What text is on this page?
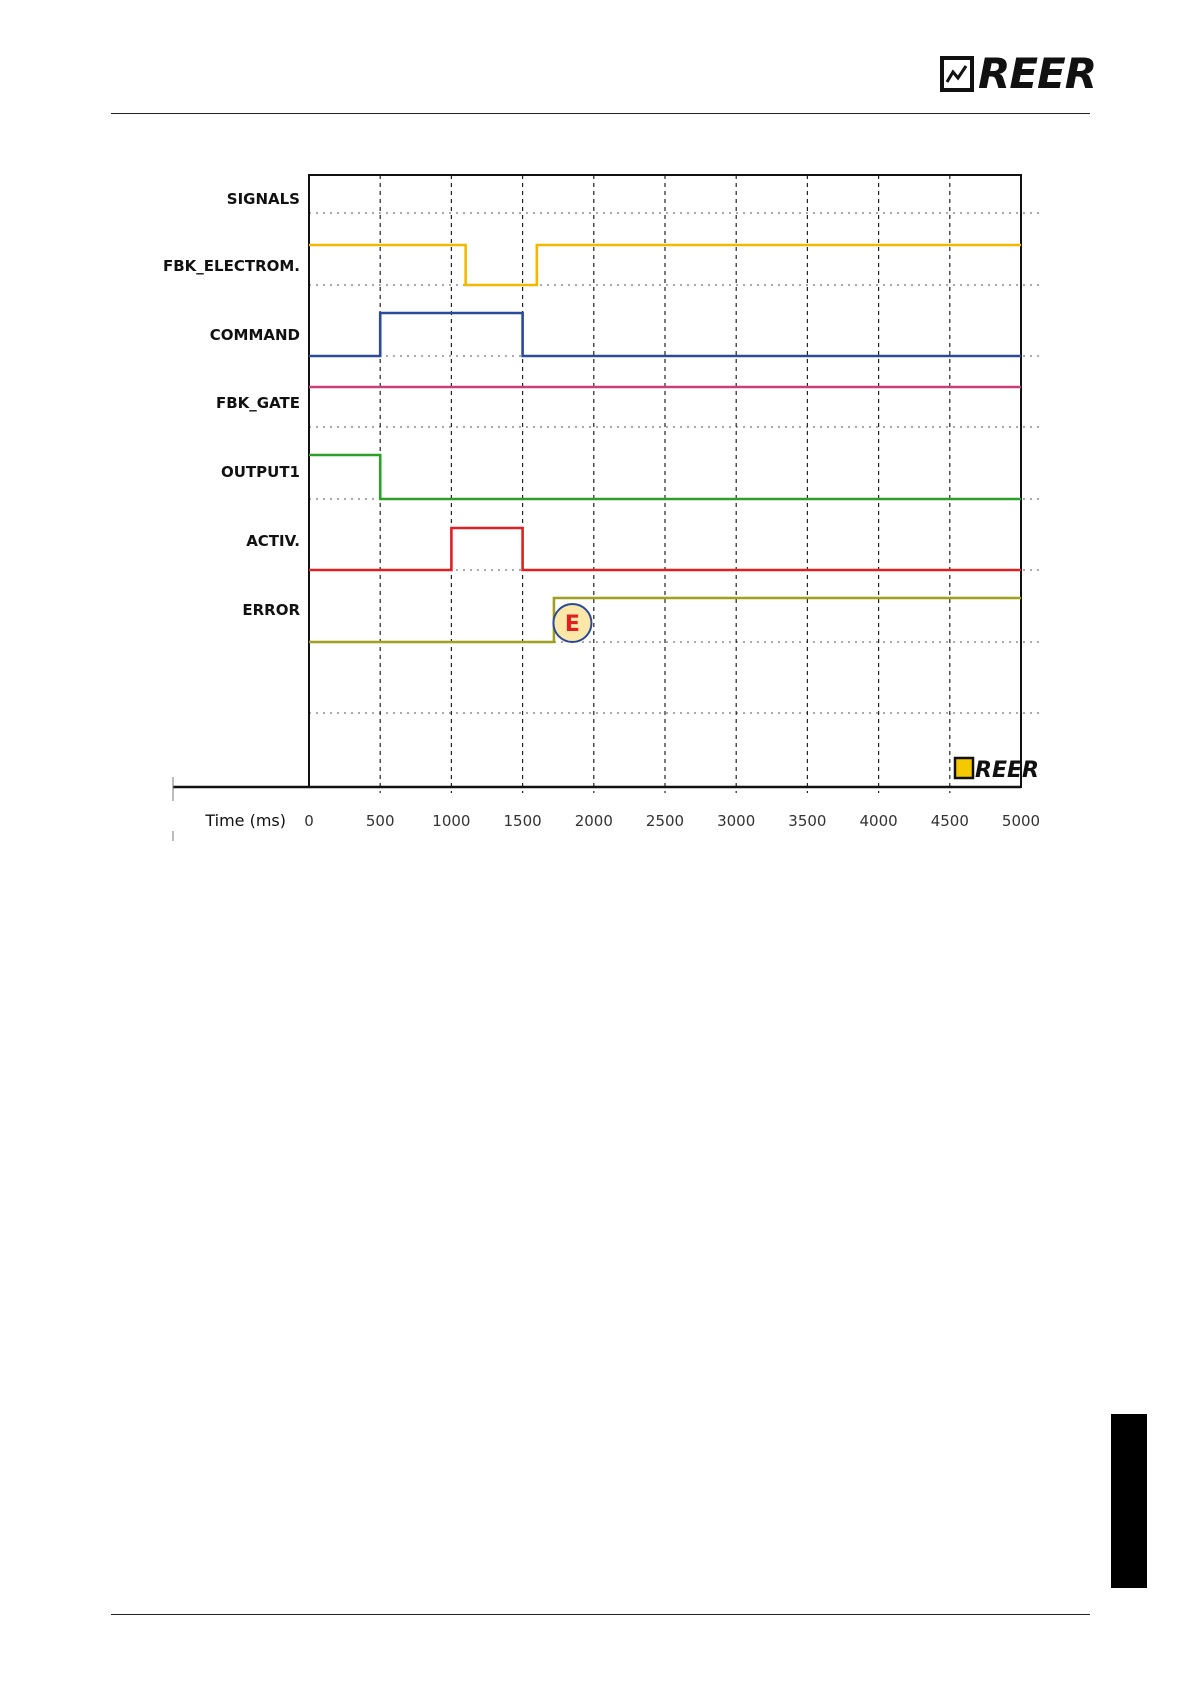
REER
SIGNALS
FBK_ELECTROM.
COMMAND
FBK_GATE
OUTPUT1
ACTIV.
ERROR
E
0	500	1000 1500 2000 2500 3000 3500 4000 4500 5000
Time (ms)
REER
